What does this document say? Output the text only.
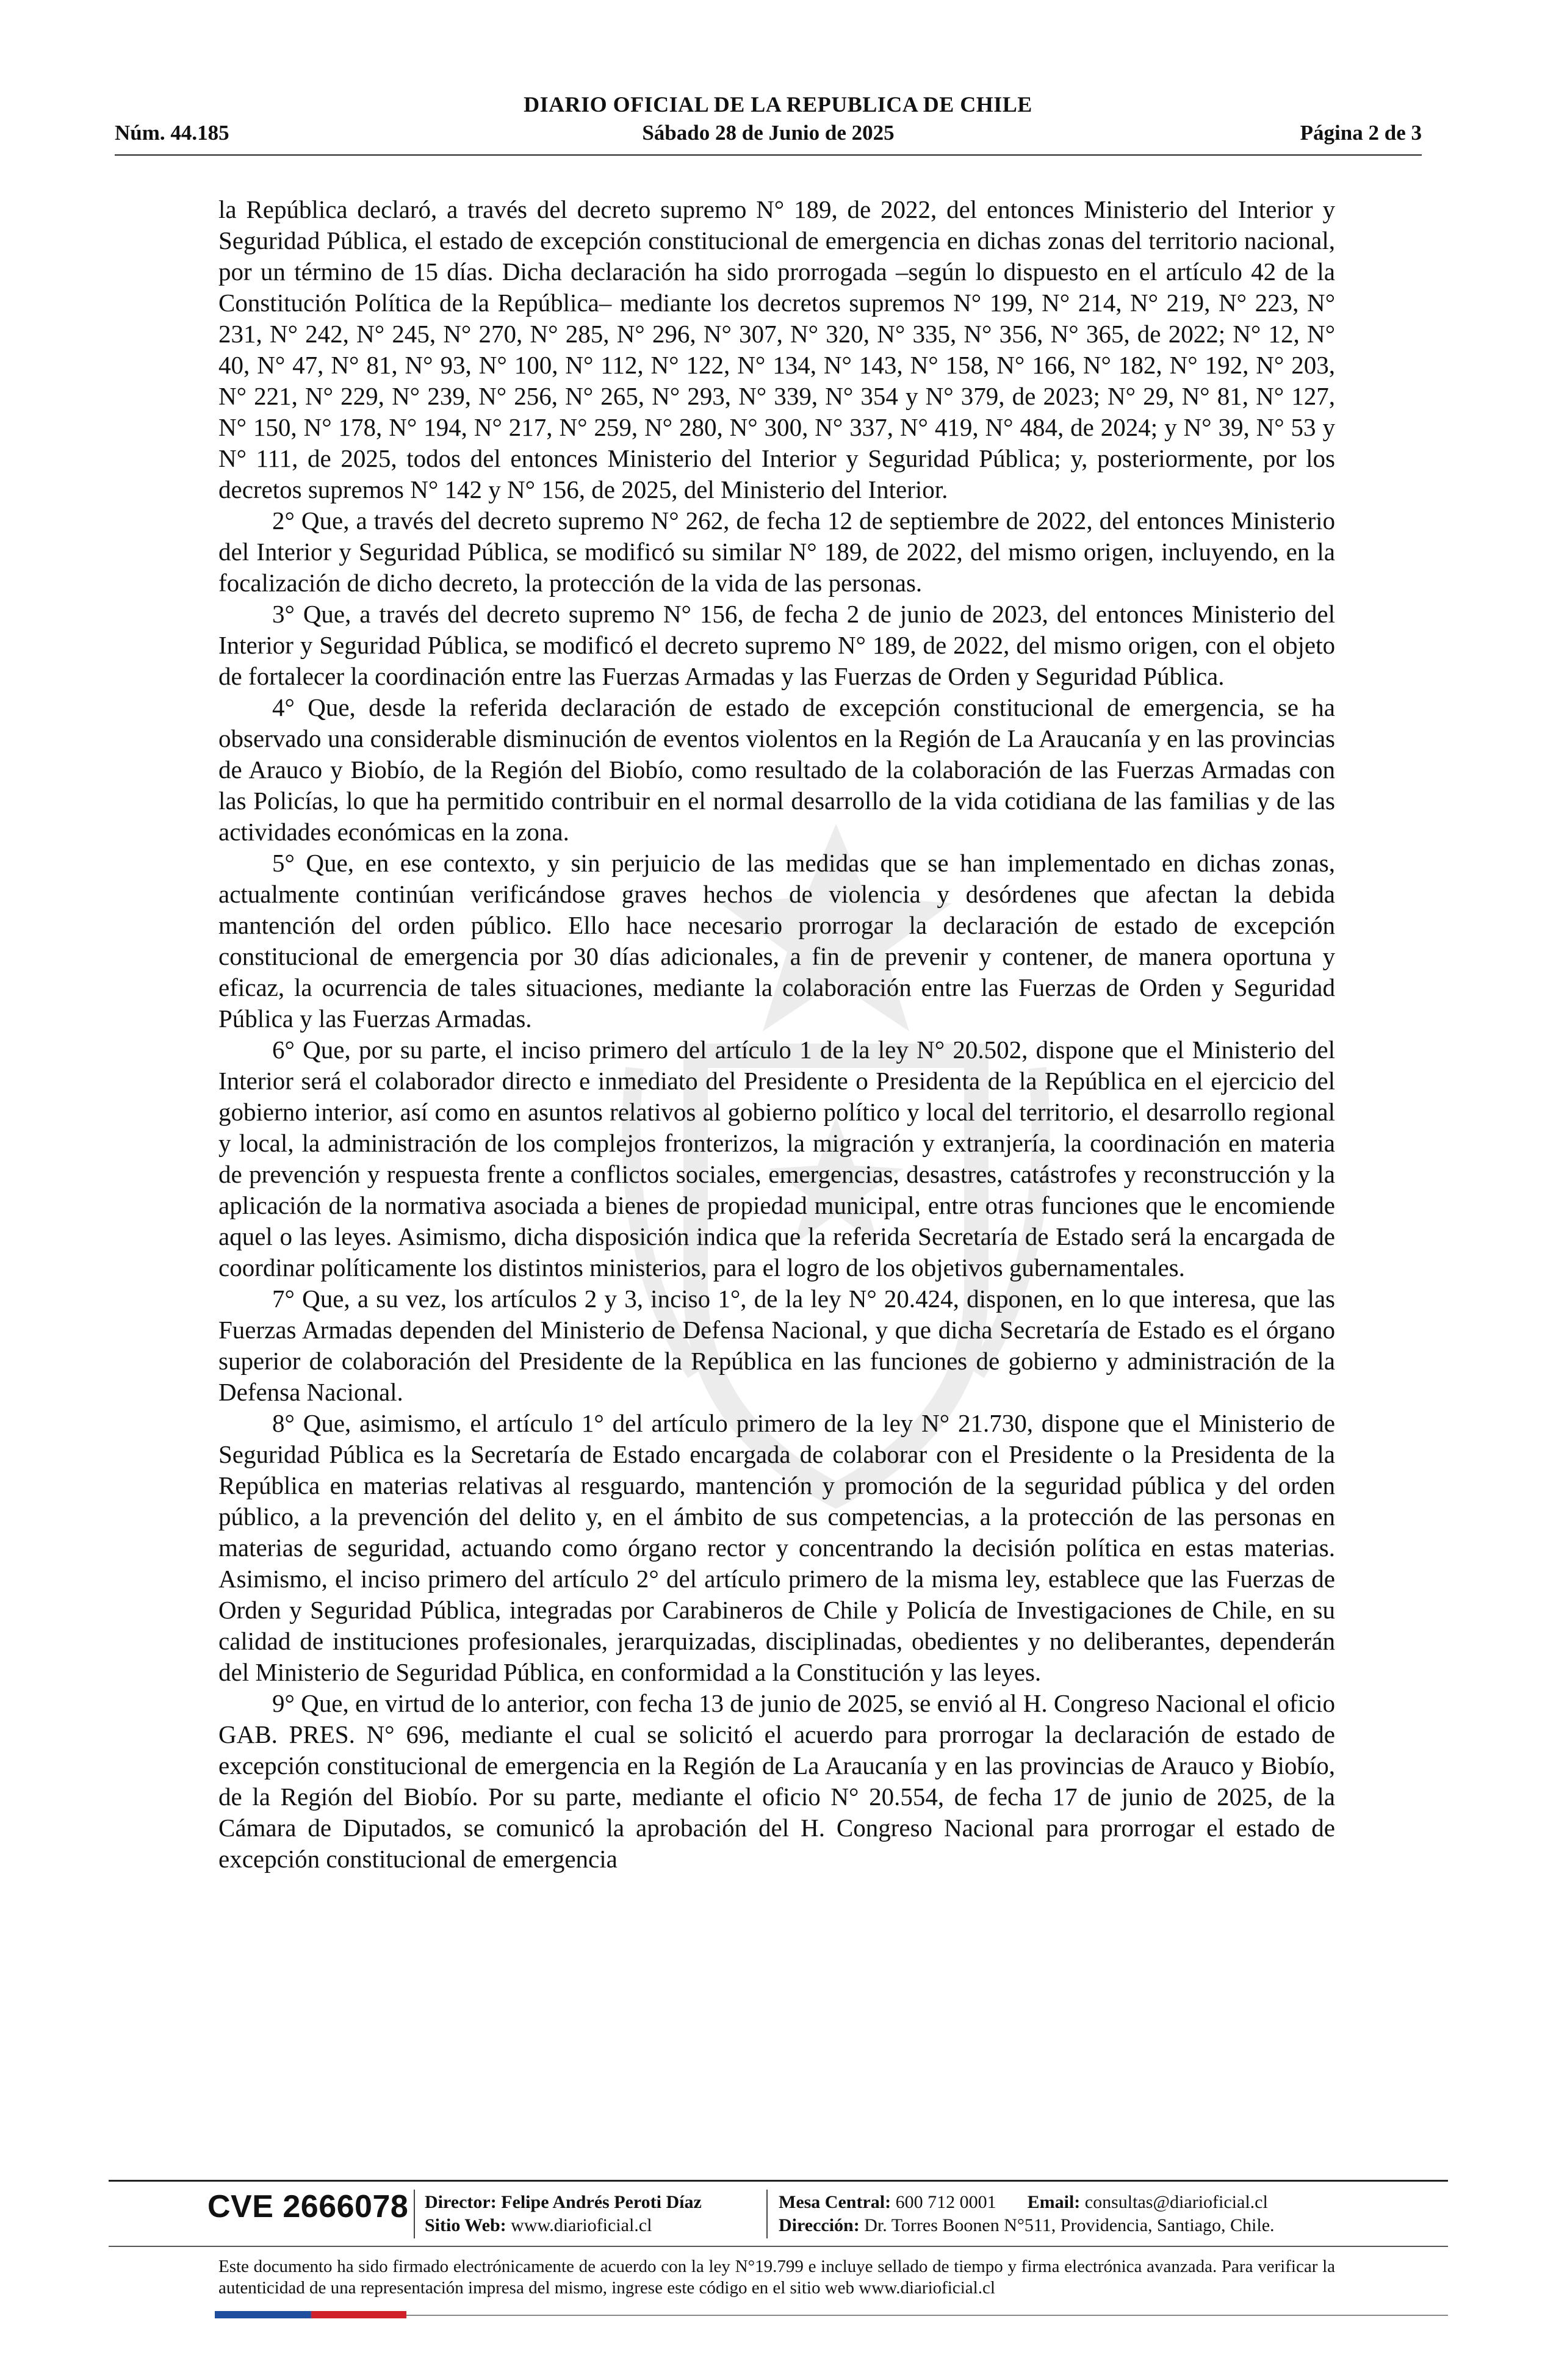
DIARIO OFICIAL DE LA REPUBLICA DE CHILE
Núm. 44.185	Sábado 28 de Junio de 2025	Página 2 de 3

la República declaró, a través del decreto supremo N° 189, de 2022, del entonces Ministerio del Interior y Seguridad Pública, el estado de excepción constitucional de emergencia en dichas zonas del territorio nacional, por un término de 15 días. Dicha declaración ha sido prorrogada –según lo dispuesto en el artículo 42 de la Constitución Política de la República– mediante los decretos supremos N° 199, N° 214, N° 219, N° 223, N° 231, N° 242, N° 245, N° 270, N° 285, N° 296, N° 307, N° 320, N° 335, N° 356, N° 365, de 2022; N° 12, N° 40, N° 47, N° 81, N° 93, N° 100, N° 112, N° 122, N° 134, N° 143, N° 158, N° 166, N° 182, N° 192, N° 203, N° 221, N° 229, N° 239, N° 256, N° 265, N° 293, N° 339, N° 354 y N° 379, de 2023; N° 29, N° 81, N° 127, N° 150, N° 178, N° 194, N° 217, N° 259, N° 280, N° 300, N° 337, N° 419, N° 484, de 2024; y N° 39, N° 53 y N° 111, de 2025, todos del entonces Ministerio del Interior y Seguridad Pública; y, posteriormente, por los decretos supremos N° 142 y N° 156, de 2025, del Ministerio del Interior.

2° Que, a través del decreto supremo N° 262, de fecha 12 de septiembre de 2022, del entonces Ministerio del Interior y Seguridad Pública, se modificó su similar N° 189, de 2022, del mismo origen, incluyendo, en la focalización de dicho decreto, la protección de la vida de las personas.

3° Que, a través del decreto supremo N° 156, de fecha 2 de junio de 2023, del entonces Ministerio del Interior y Seguridad Pública, se modificó el decreto supremo N° 189, de 2022, del mismo origen, con el objeto de fortalecer la coordinación entre las Fuerzas Armadas y las Fuerzas de Orden y Seguridad Pública.

4° Que, desde la referida declaración de estado de excepción constitucional de emergencia, se ha observado una considerable disminución de eventos violentos en la Región de La Araucanía y en las provincias de Arauco y Biobío, de la Región del Biobío, como resultado de la colaboración de las Fuerzas Armadas con las Policías, lo que ha permitido contribuir en el normal desarrollo de la vida cotidiana de las familias y de las actividades económicas en la zona.

5° Que, en ese contexto, y sin perjuicio de las medidas que se han implementado en dichas zonas, actualmente continúan verificándose graves hechos de violencia y desórdenes que afectan la debida mantención del orden público. Ello hace necesario prorrogar la declaración de estado de excepción constitucional de emergencia por 30 días adicionales, a fin de prevenir y contener, de manera oportuna y eficaz, la ocurrencia de tales situaciones, mediante la colaboración entre las Fuerzas de Orden y Seguridad Pública y las Fuerzas Armadas.

6° Que, por su parte, el inciso primero del artículo 1 de la ley N° 20.502, dispone que el Ministerio del Interior será el colaborador directo e inmediato del Presidente o Presidenta de la República en el ejercicio del gobierno interior, así como en asuntos relativos al gobierno político y local del territorio, el desarrollo regional y local, la administración de los complejos fronterizos, la migración y extranjería, la coordinación en materia de prevención y respuesta frente a conflictos sociales, emergencias, desastres, catástrofes y reconstrucción y la aplicación de la normativa asociada a bienes de propiedad municipal, entre otras funciones que le encomiende aquel o las leyes. Asimismo, dicha disposición indica que la referida Secretaría de Estado será la encargada de coordinar políticamente los distintos ministerios, para el logro de los objetivos gubernamentales.

7° Que, a su vez, los artículos 2 y 3, inciso 1°, de la ley N° 20.424, disponen, en lo que interesa, que las Fuerzas Armadas dependen del Ministerio de Defensa Nacional, y que dicha Secretaría de Estado es el órgano superior de colaboración del Presidente de la República en las funciones de gobierno y administración de la Defensa Nacional.

8° Que, asimismo, el artículo 1° del artículo primero de la ley N° 21.730, dispone que el Ministerio de Seguridad Pública es la Secretaría de Estado encargada de colaborar con el Presidente o la Presidenta de la República en materias relativas al resguardo, mantención y promoción de la seguridad pública y del orden público, a la prevención del delito y, en el ámbito de sus competencias, a la protección de las personas en materias de seguridad, actuando como órgano rector y concentrando la decisión política en estas materias. Asimismo, el inciso primero del artículo 2° del artículo primero de la misma ley, establece que las Fuerzas de Orden y Seguridad Pública, integradas por Carabineros de Chile y Policía de Investigaciones de Chile, en su calidad de instituciones profesionales, jerarquizadas, disciplinadas, obedientes y no deliberantes, dependerán del Ministerio de Seguridad Pública, en conformidad a la Constitución y las leyes.

9° Que, en virtud de lo anterior, con fecha 13 de junio de 2025, se envió al H. Congreso Nacional el oficio GAB. PRES. N° 696, mediante el cual se solicitó el acuerdo para prorrogar la declaración de estado de excepción constitucional de emergencia en la Región de La Araucanía y en las provincias de Arauco y Biobío, de la Región del Biobío. Por su parte, mediante el oficio N° 20.554, de fecha 17 de junio de 2025, de la Cámara de Diputados, se comunicó la aprobación del H. Congreso Nacional para prorrogar el estado de excepción constitucional de emergencia

CVE 2666078 Director: Felipe Andrés Peroti Díaz
Sitio Web: www.diarioficial.cl
Mesa Central: 600 712 0001 Email: consultas@diarioficial.cl
Dirección: Dr. Torres Boonen N°511, Providencia, Santiago, Chile.
Este documento ha sido firmado electrónicamente de acuerdo con la ley N°19.799 e incluye sellado de tiempo y firma electrónica avanzada. Para verificar la autenticidad de una representación impresa del mismo, ingrese este código en el sitio web www.diarioficial.cl
